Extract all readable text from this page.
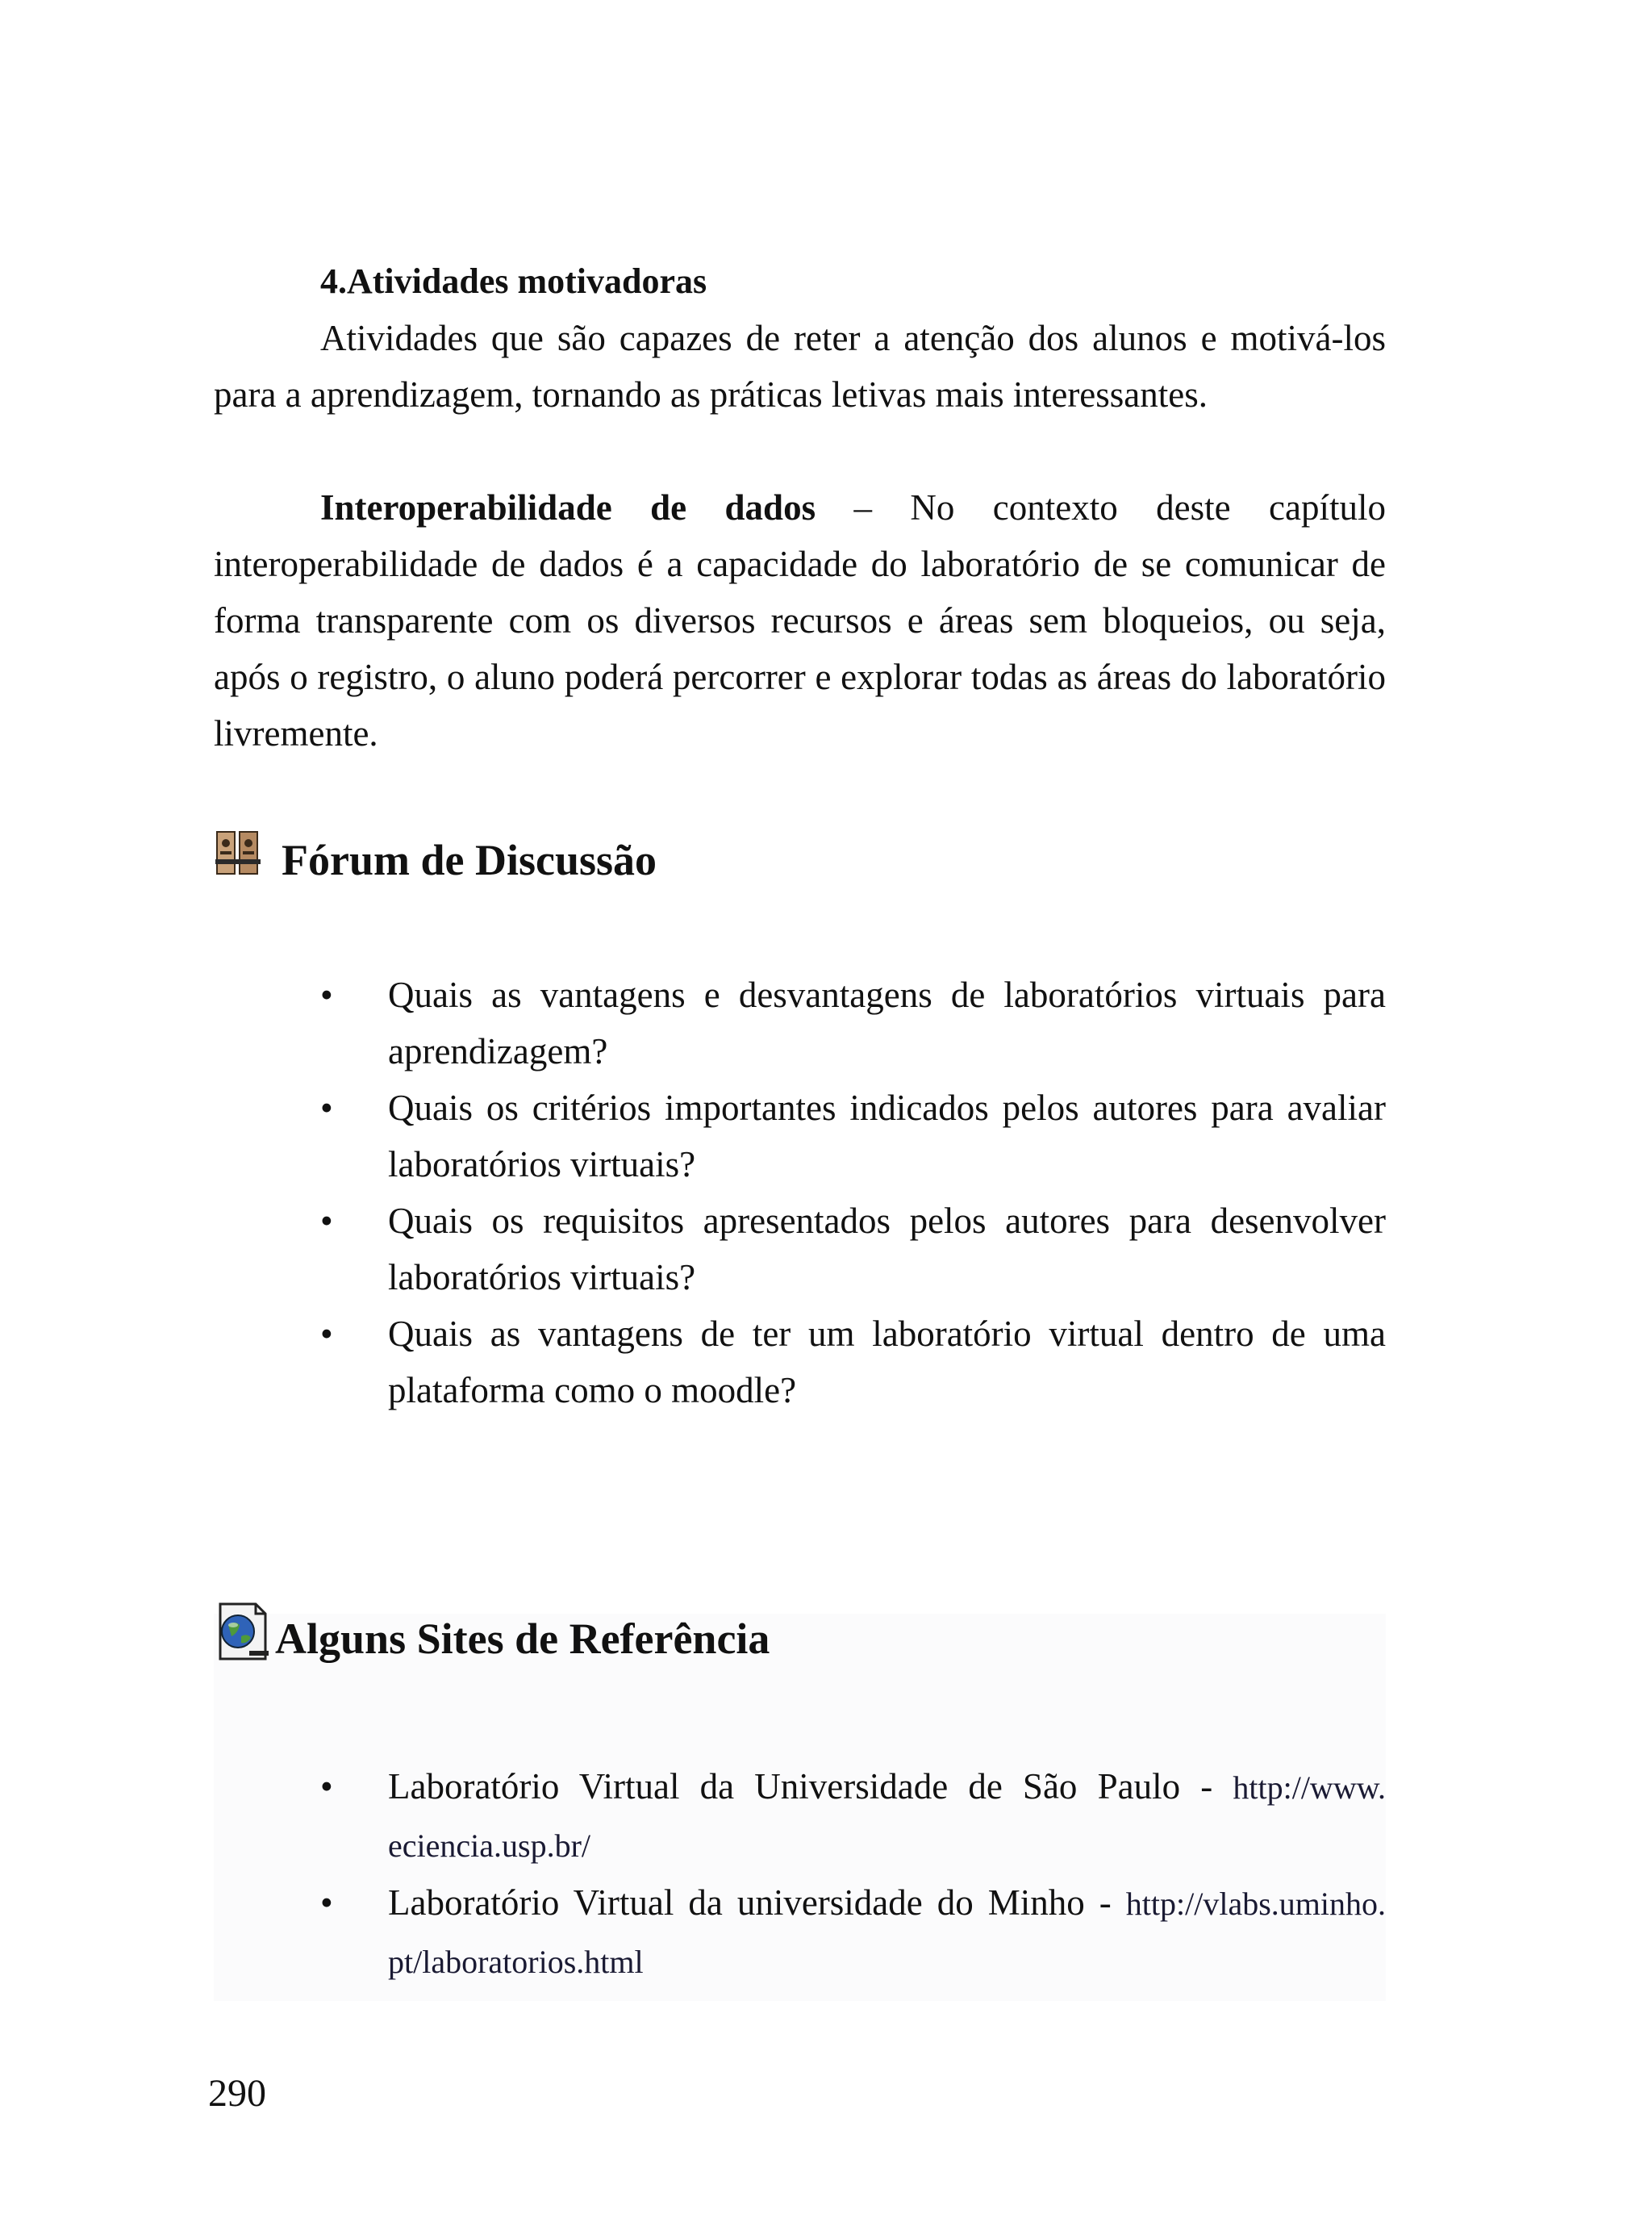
4.Atividades motivadoras

Atividades que são capazes de reter a atenção dos alunos e motivá-los para a aprendizagem, tornando as práticas letivas mais interessantes.

Interoperabilidade de dados – No contexto deste capítulo interoperabilidade de dados é a capacidade do laboratório de se comunicar de forma transparente com os diversos recursos e áreas sem bloqueios, ou seja, após o registro, o aluno poderá percorrer e explorar todas as áreas do laboratório livremente.

Fórum de Discussão
• Quais as vantagens e desvantagens de laboratórios virtuais para aprendizagem?
• Quais os critérios importantes indicados pelos autores para avaliar laboratórios virtuais?
• Quais os requisitos apresentados pelos autores para desenvolver laboratórios virtuais?
• Quais as vantagens de ter um laboratório virtual dentro de uma plataforma como o moodle?
Alguns Sites de Referência
• Laboratório Virtual da Universidade de São Paulo - http://www. eciencia.usp.br/
• Laboratório Virtual da universidade do Minho - http://vlabs.uminho. pt/laboratorios.html
290
